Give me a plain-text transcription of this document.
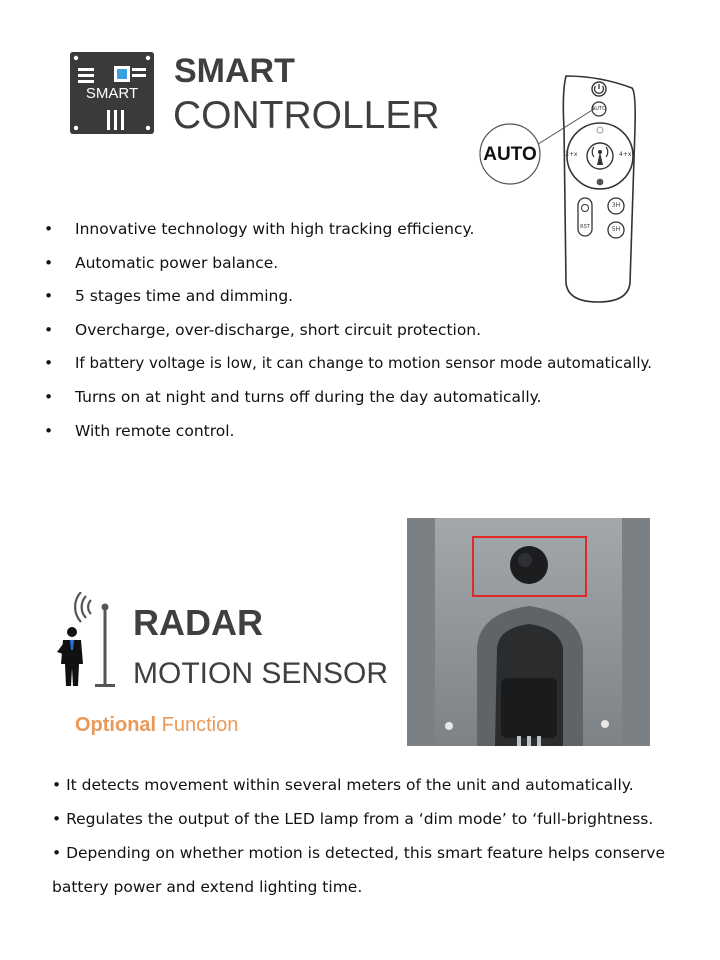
SMART
SMART
CONTROLLER
AUTO
AUTO
3+x	4+x
RST
3H
5H
• Innovative technology with high tracking efficiency.
• Automatic power balance.
• 5 stages time and dimming.
• Overcharge, over-discharge, short circuit protection.
• If battery voltage is low, it can change to motion sensor mode automatically.
• Turns on at night and turns off during the day automatically.
• With remote control.
RADAR
MOTION SENSOR
Optional Function
• It detects movement within several meters of the unit and automatically.
• Regulates the output of the LED lamp from a ‘dim mode’ to ‘full-brightness.
• Depending on whether motion is detected, this smart feature helps conserve
battery power and extend lighting time.
